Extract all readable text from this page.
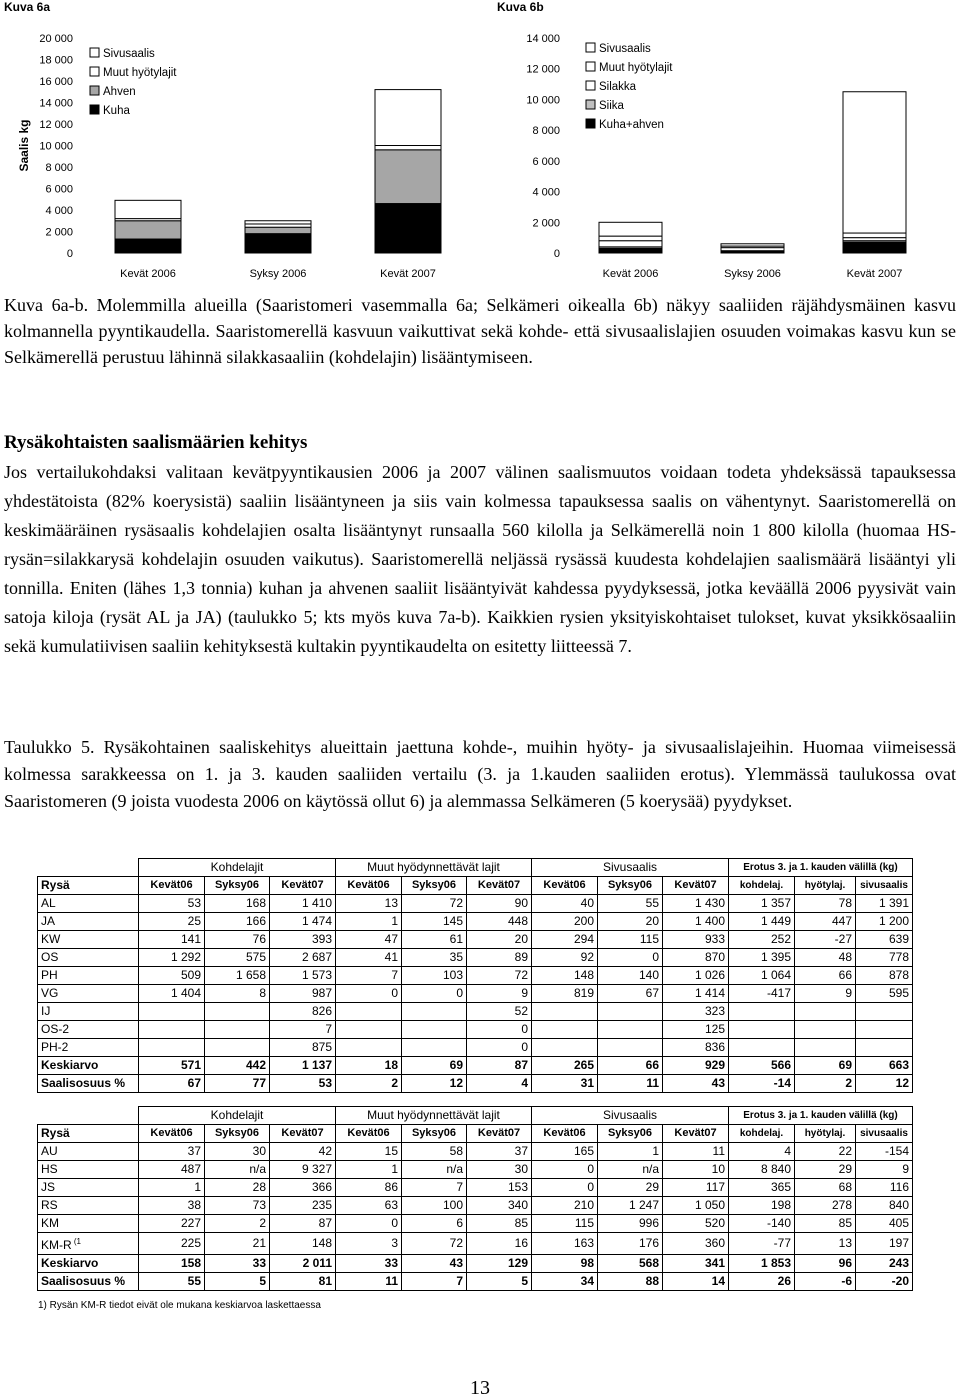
Kuva 6a	Kuva 6b
20 000
18 000
16 000
14 000
12 000
10 000
8 000
6 000
4 000
2 000
0
Saalis kg
Kevät 2006	Syksy 2006	Kevät 2007
Sivusaalis
Muut hyötylajit
Ahven
Kuha
14 000
12 000
10 000
8 000
6 000
4 000
2 000
0
Kevät 2006	Syksy 2006	Kevät 2007
Sivusaalis
Muut hyötylajit
Silakka
Siika
Kuha+ahven
Kuva 6a-b. Molemmilla alueilla (Saaristomeri vasemmalla 6a; Selkämeri oikealla 6b) näkyy saaliiden räjähdysmäinen kasvu kolmannella pyyntikaudella. Saaristomerellä kasvuun vaikuttivat sekä kohde- että sivusaalislajien osuuden voimakas kasvu kun se Selkämerellä perustuu lähinnä silakkasaaliin (kohdelajin) lisääntymiseen.
Rysäkohtaisten saalismäärien kehitys
Jos vertailukohdaksi valitaan kevätpyyntikausien 2006 ja 2007 välinen saalismuutos voidaan todeta yhdeksässä tapauksessa yhdestätoista (82% koerysistä) saaliin lisääntyneen ja siis vain kolmessa tapauksessa saalis on vähentynyt. Saaristomerellä on keskimääräinen rysäsaalis kohdelajien osalta lisääntynyt runsaalla 560 kilolla ja Selkämerellä noin 1 800 kilolla (huomaa HS-rysän=silakkarysä kohdelajin osuuden vaikutus). Saaristomerellä neljässä rysässä kuudesta kohdelajien saalismäärä lisääntyi yli tonnilla. Eniten (lähes 1,3 tonnia) kuhan ja ahvenen saaliit lisääntyivät kahdessa pyydyksessä, jotka keväällä 2006 pyysivät vain satoja kiloja (rysät AL ja JA) (taulukko 5; kts myös kuva 7a-b). Kaikkien rysien yksityiskohtaiset tulokset, kuvat yksikkösaaliin sekä kumulatiivisen saaliin kehityksestä kultakin pyyntikaudelta on esitetty liitteessä 7.
Taulukko 5. Rysäkohtainen saaliskehitys alueittain jaettuna kohde-, muihin hyöty- ja sivusaalislajeihin. Huomaa viimeisessä kolmessa sarakkeessa on 1. ja 3. kauden saaliiden vertailu (3. ja 1.kauden saaliiden erotus). Ylemmässä taulukossa ovat Saaristomeren (9 joista vuodesta 2006 on käytössä ollut 6) ja alemmassa Selkämeren (5 koerysää) pyydykset.
	Kohdelajit			Muut hyödynnettävät lajit			Sivusaalis			Erotus 3. ja 1. kauden välillä (kg)		
Rysä	Kevät06	Syksy06	Kevät07	Kevät06	Syksy06	Kevät07	Kevät06	Syksy06	Kevät07	kohdelaj.	hyötylaj.	sivusaalis
AL	53	168	1 410	13	72	90	40	55	1 430	1 357	78	1 391
JA	25	166	1 474	1	145	448	200	20	1 400	1 449	447	1 200
KW	141	76	393	47	61	20	294	115	933	252	-27	639
OS	1 292	575	2 687	41	35	89	92	0	870	1 395	48	778
PH	509	1 658	1 573	7	103	72	148	140	1 026	1 064	66	878
VG	1 404	8	987	0	0	9	819	67	1 414	-417	9	595
IJ			826			52			323			
OS-2			7			0			125			
PH-2			875			0			836			
Keskiarvo	571	442	1 137	18	69	87	265	66	929	566	69	663
Saalisosuus %	67	77	53	2	12	4	31	11	43	-14	2	12
	Kohdelajit			Muut hyödynnettävät lajit			Sivusaalis			Erotus 3. ja 1. kauden välillä (kg)		
Rysä	Kevät06	Syksy06	Kevät07	Kevät06	Syksy06	Kevät07	Kevät06	Syksy06	Kevät07	kohdelaj.	hyötylaj.	sivusaalis
AU	37	30	42	15	58	37	165	1	11	4	22	-154
HS	487	n/a	9 327	1	n/a	30	0	n/a	10	8 840	29	9
JS	1	28	366	86	7	153	0	29	117	365	68	116
RS	38	73	235	63	100	340	210	1 247	1 050	198	278	840
KM	227	2	87	0	6	85	115	996	520	-140	85	405
KM-R $^{(1}$	225	21	148	3	72	16	163	176	360	-77	13	197
Keskiarvo	158	33	2 011	33	43	129	98	568	341	1 853	96	243
Saalisosuus %	55	5	81	11	7	5	34	88	14	26	-6	-20
1) Rysän KM-R tiedot eivät ole mukana keskiarvoa laskettaessa
13
